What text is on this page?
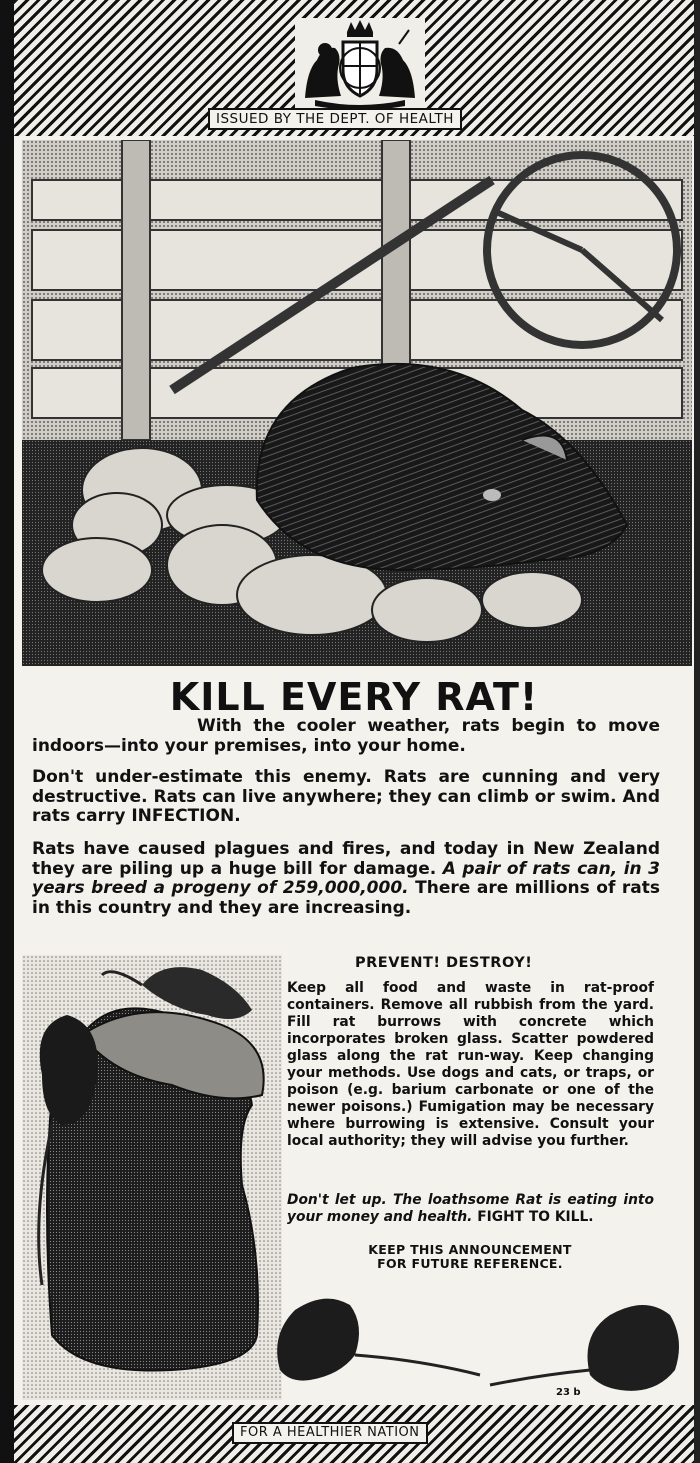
ISSUED BY THE DEPT. OF HEALTH
KILL EVERY RAT!
With the cooler weather, rats begin to move indoors—into your premises, into your home.
Don't under-estimate this enemy. Rats are cunning and very destructive. Rats can live anywhere; they can climb or swim. And rats carry INFECTION.
Rats have caused plagues and fires, and today in New Zealand they are piling up a huge bill for damage. A pair of rats can, in 3 years breed a progeny of 259,000,000. There are millions of rats in this country and they are increasing.
PREVENT! DESTROY!
Keep all food and waste in rat-proof containers. Remove all rubbish from the yard. Fill rat burrows with concrete which incorporates broken glass. Scatter powdered glass along the rat run-way. Keep changing your methods. Use dogs and cats, or traps, or poison (e.g. barium carbonate or one of the newer poisons.) Fumigation may be necessary where burrowing is extensive. Consult your local authority; they will advise you further.
Don't let up. The loathsome Rat is eating into your money and health. FIGHT TO KILL.
KEEP THIS ANNOUNCEMENT
FOR FUTURE REFERENCE.
23 b
FOR A HEALTHIER NATION
